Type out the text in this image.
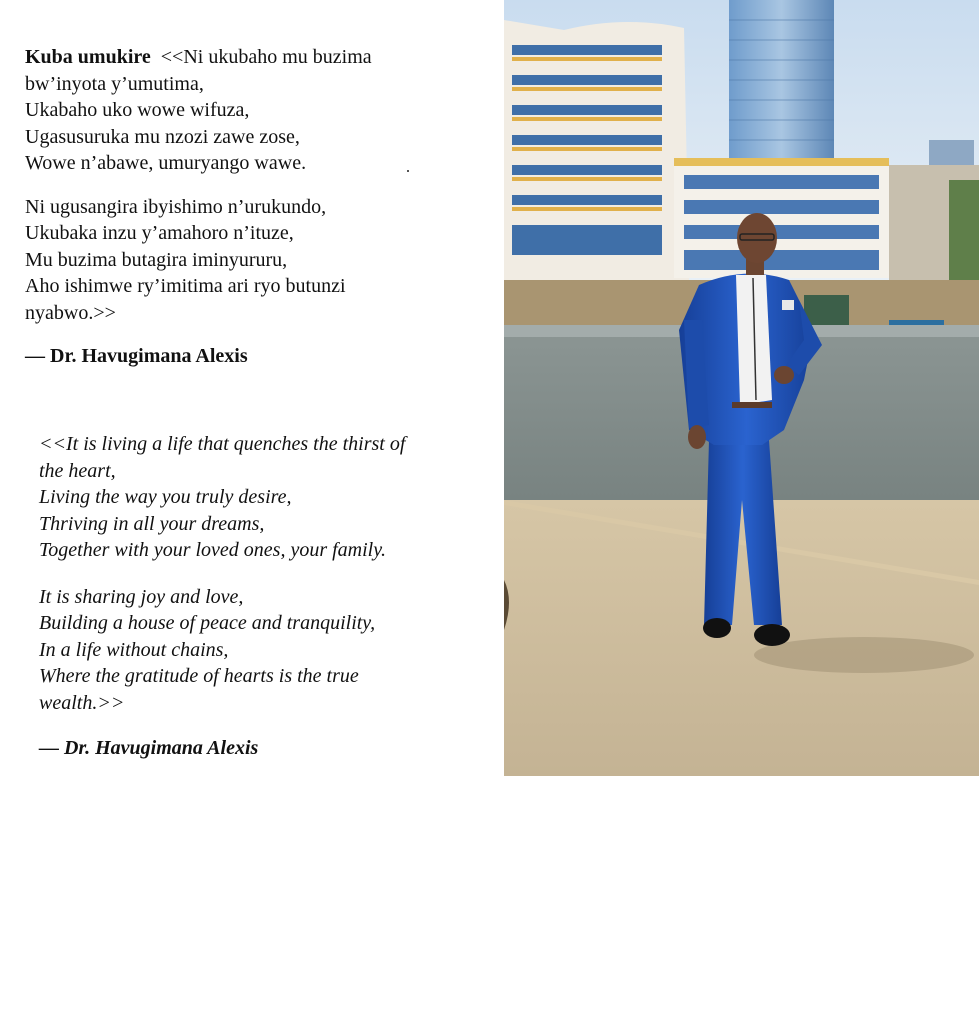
Kuba umukire <<Ni ukubaho mu buzima

bw’inyota y’umutima,

Ukabaho uko wowe wifuza,

Ugasusuruka mu nzozi zawe zose,

Wowe n’abawe, umuryango wawe.

Ni ugusangira ibyishimo n’urukundo,

Ukubaka inzu y’amahoro n’ituze,

Mu buzima butagira iminyururu,

Aho ishimwe ry’imitima ari ryo butunzi

nyabwo.>>

— Dr. Havugimana Alexis

<<It is living a life that quenches the thirst of

the heart,

Living the way you truly desire,

Thriving in all your dreams,

Together with your loved ones, your family.

It is sharing joy and love,

Building a house of peace and tranquility,

In a life without chains,

Where the gratitude of hearts is the true

wealth.>>

— Dr. Havugimana Alexis
